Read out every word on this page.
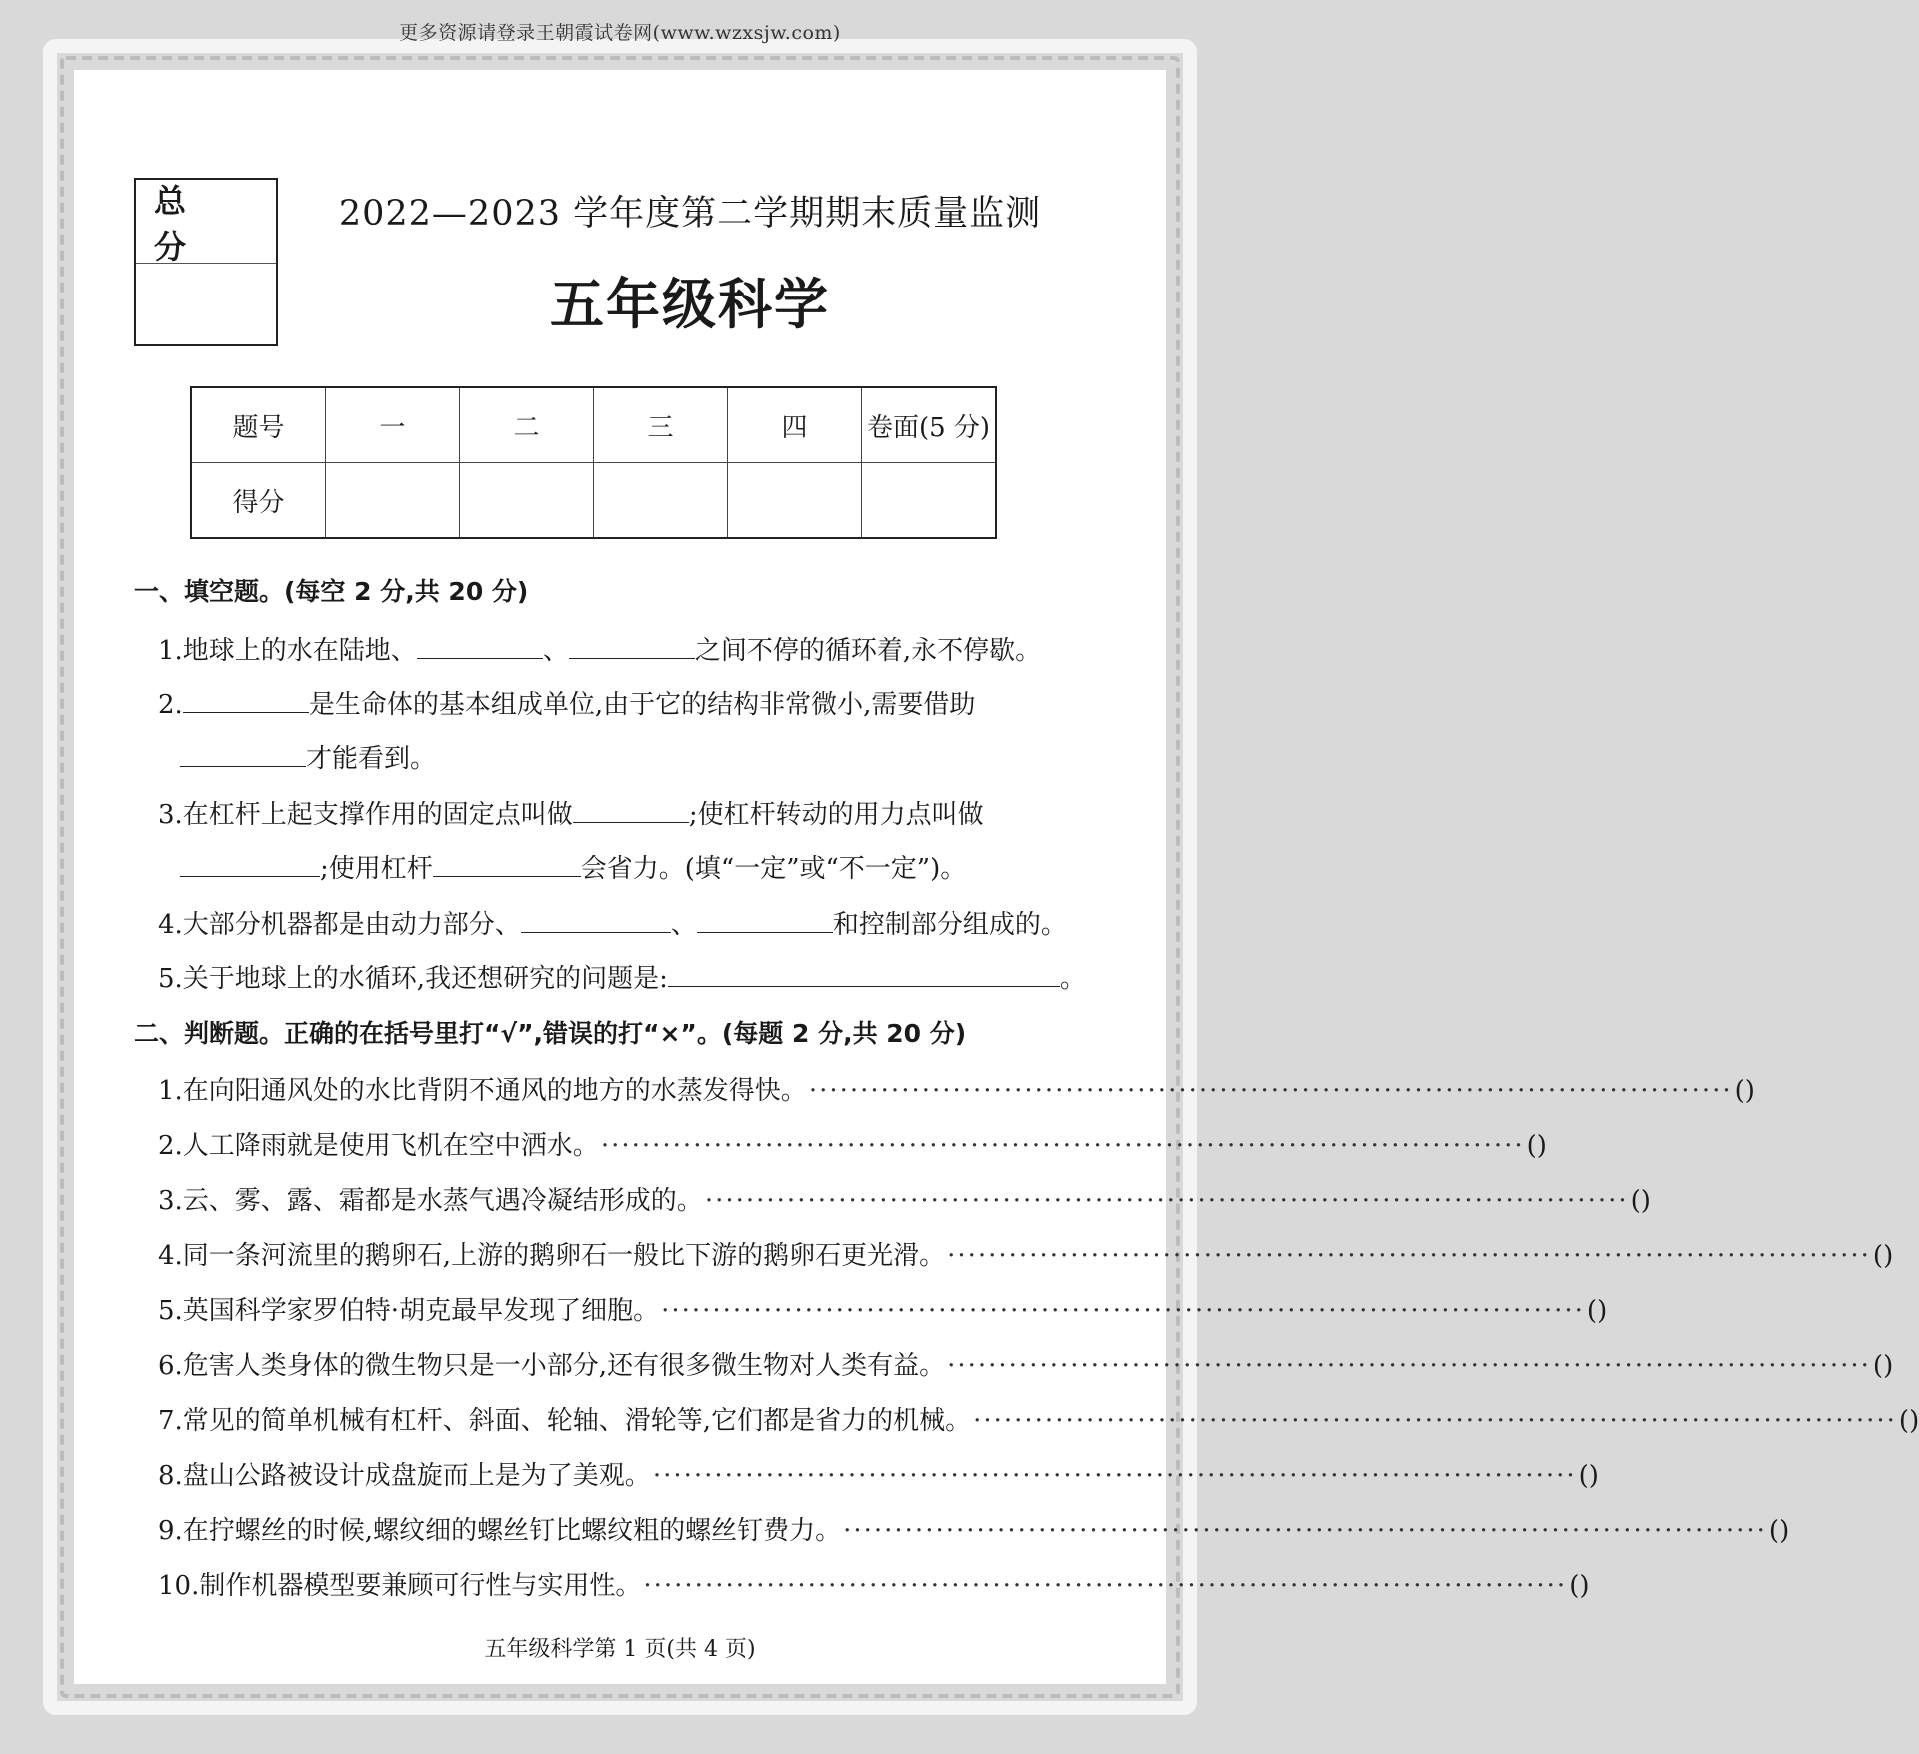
更多资源请登录王朝霞试卷网(www.wzxsjw.com)
总 分
2022—2023 学年度第二学期期末质量监测
五年级科学
题号	一	二	三	四	卷面(5 分)
得分					
一、填空题。(每空 2 分,共 20 分)
1.地球上的水在陆地、	、	之间不停的循环着,永不停歇。
2.	是生命体的基本组成单位,由于它的结构非常微小,需要借助
才能看到。
3.在杠杆上起支撑作用的固定点叫做	;使杠杆转动的用力点叫做
;使用杠杆	会省力。(填“一定”或“不一定”)。
4.大部分机器都是由动力部分、	、	和控制部分组成的。
5.关于地球上的水循环,我还想研究的问题是:	。
二、判断题。正确的在括号里打“√”,错误的打“×”。(每题 2 分,共 20 分)
1.在向阳通风处的水比背阴不通风的地方的水蒸发得快。 ·························································································· ( )
2.人工降雨就是使用飞机在空中洒水。 ·························································································· ( )
3.云、雾、露、霜都是水蒸气遇冷凝结形成的。 ·························································································· ( )
4.同一条河流里的鹅卵石,上游的鹅卵石一般比下游的鹅卵石更光滑。 ·························································································· ( )
5.英国科学家罗伯特·胡克最早发现了细胞。 ·························································································· ( )
6.危害人类身体的微生物只是一小部分,还有很多微生物对人类有益。 ·························································································· ( )
7.常见的简单机械有杠杆、斜面、轮轴、滑轮等,它们都是省力的机械。 ·························································································· ( )
8.盘山公路被设计成盘旋而上是为了美观。 ·························································································· ( )
9.在拧螺丝的时候,螺纹细的螺丝钉比螺纹粗的螺丝钉费力。 ·························································································· ( )
10.制作机器模型要兼顾可行性与实用性。 ·························································································· ( )
五年级科学第 1 页(共 4 页)
